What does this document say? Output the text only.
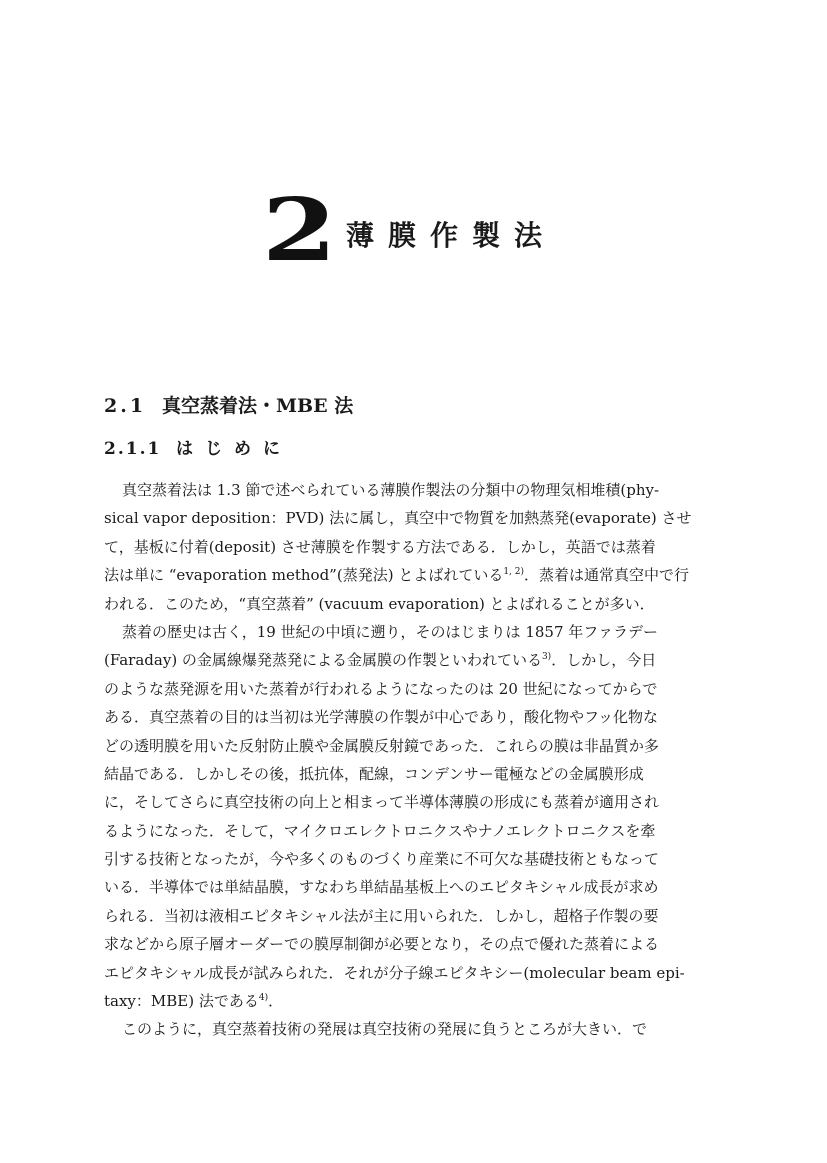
2 薄膜作製法
2.1 真空蒸着法・MBE 法
2.1.1 はじめに
真空蒸着法は 1.3 節で述べられている薄膜作製法の分類中の物理気相堆積(phy-
sical vapor deposition：PVD) 法に属し，真空中で物質を加熱蒸発(evaporate) させ
て，基板に付着(deposit) させ薄膜を作製する方法である．しかし，英語では蒸着
法は単に “evaporation method”(蒸発法) とよばれている$^{1, 2)}$．蒸着は通常真空中で行
われる．このため，“真空蒸着” (vacuum evaporation) とよばれることが多い．
蒸着の歴史は古く，19 世紀の中頃に遡り，そのはじまりは 1857 年ファラデー
(Faraday) の金属線爆発蒸発による金属膜の作製といわれている$^{3)}$．しかし，今日
のような蒸発源を用いた蒸着が行われるようになったのは 20 世紀になってからで
ある．真空蒸着の目的は当初は光学薄膜の作製が中心であり，酸化物やフッ化物な
どの透明膜を用いた反射防止膜や金属膜反射鏡であった．これらの膜は非晶質か多
結晶である．しかしその後，抵抗体，配線，コンデンサー電極などの金属膜形成
に，そしてさらに真空技術の向上と相まって半導体薄膜の形成にも蒸着が適用され
るようになった．そして，マイクロエレクトロニクスやナノエレクトロニクスを牽
引する技術となったが，今や多くのものづくり産業に不可欠な基礎技術ともなって
いる．半導体では単結晶膜，すなわち単結晶基板上へのエピタキシャル成長が求め
られる．当初は液相エピタキシャル法が主に用いられた．しかし，超格子作製の要
求などから原子層オーダーでの膜厚制御が必要となり，その点で優れた蒸着による
エピタキシャル成長が試みられた．それが分子線エピタキシー(molecular beam epi-
taxy：MBE) 法である$^{4)}$．
このように，真空蒸着技術の発展は真空技術の発展に負うところが大きい．で
